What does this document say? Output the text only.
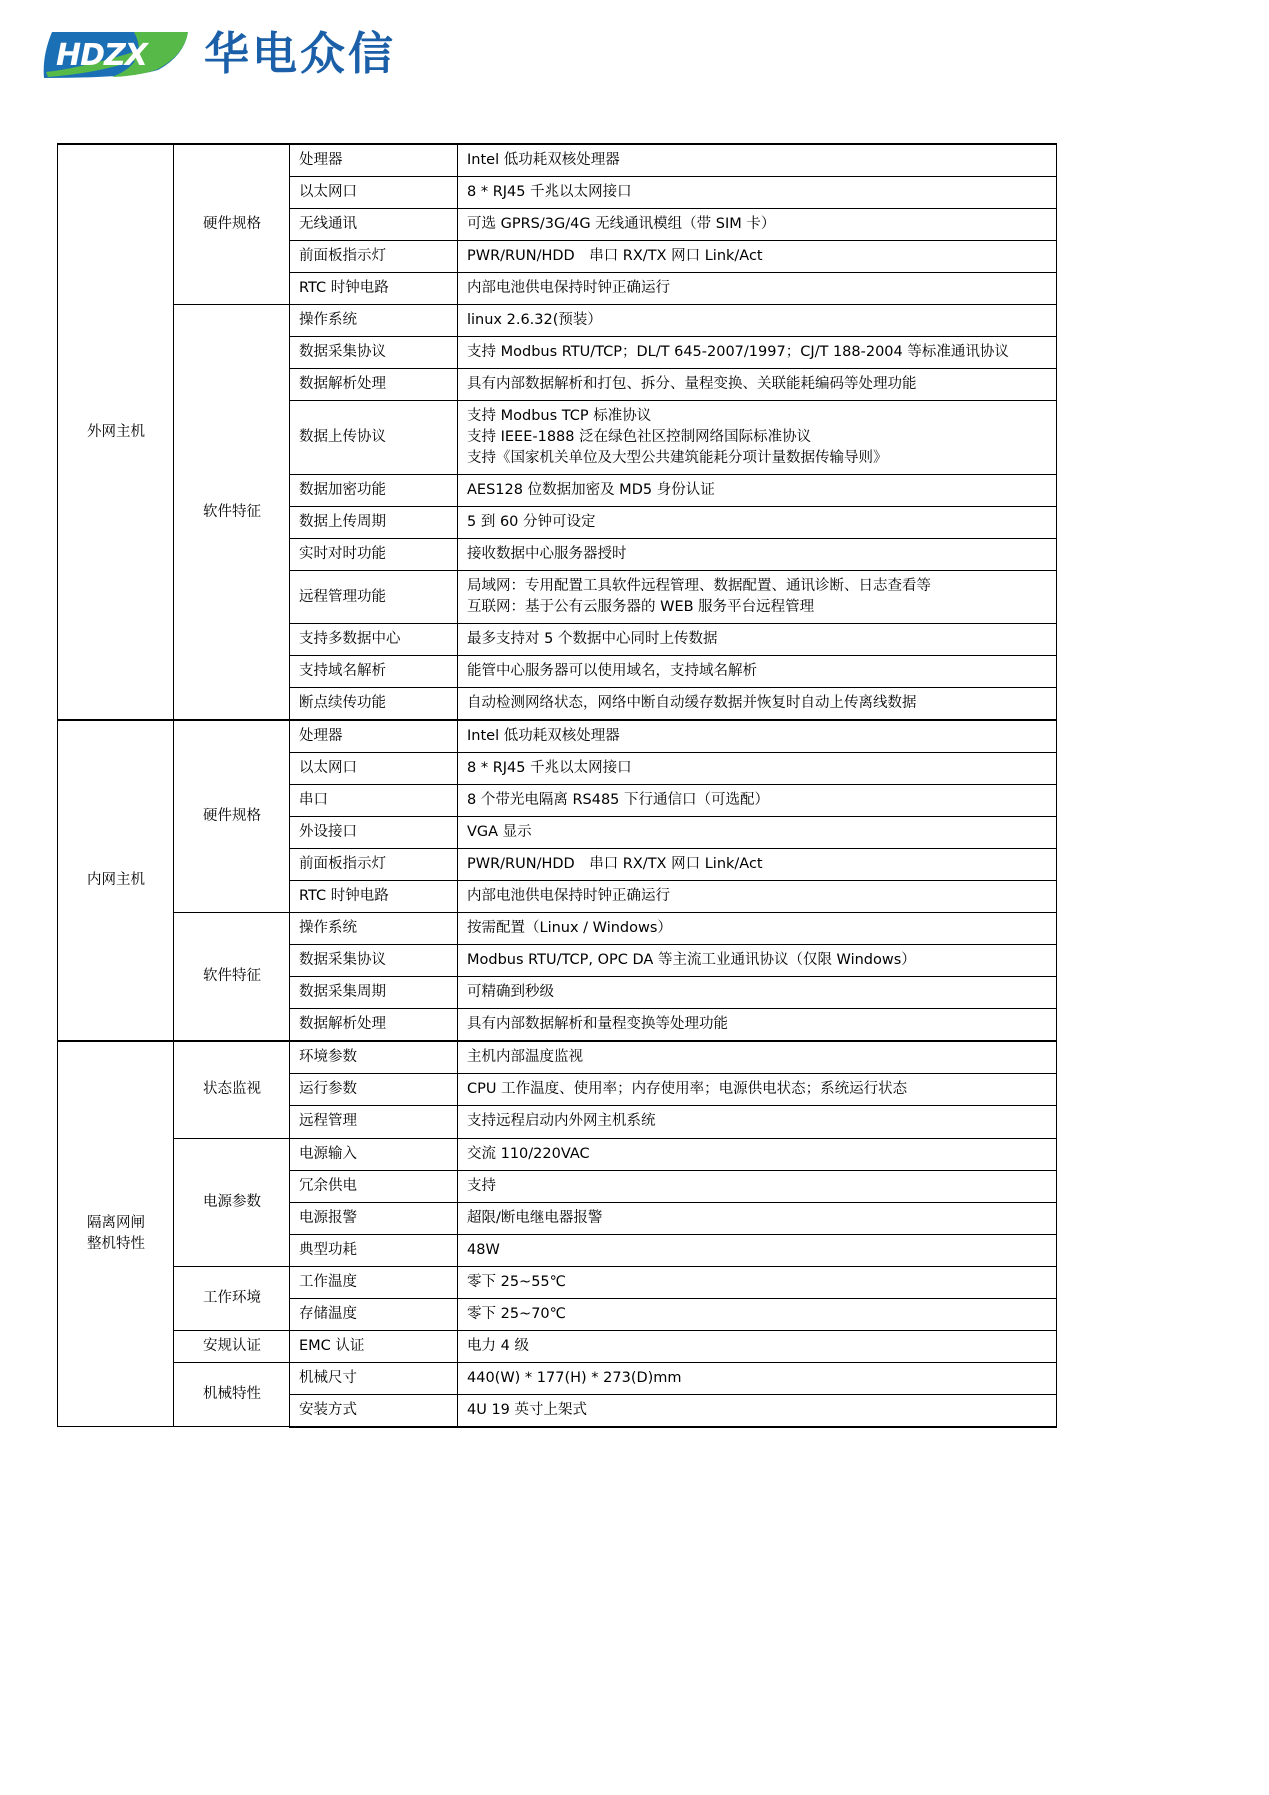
HDZX 华电众信
外网主机	硬件规格	处理器	Intel 低功耗双核处理器
		以太网口	8 * RJ45 千兆以太网接口
		无线通讯	可选 GPRS/3G/4G 无线通讯模组（带 SIM 卡）
		前面板指示灯	PWR/RUN/HDD　串口 RX/TX 网口 Link/Act
		RTC 时钟电路	内部电池供电保持时钟正确运行
	软件特征	操作系统	linux 2.6.32(预装）
		数据采集协议	支持 Modbus RTU/TCP；DL/T 645-2007/1997；CJ/T 188-2004 等标准通讯协议
		数据解析处理	具有内部数据解析和打包、拆分、量程变换、关联能耗编码等处理功能
		数据上传协议	支持 Modbus TCP 标准协议
支持 IEEE-1888 泛在绿色社区控制网络国际标准协议
支持《国家机关单位及大型公共建筑能耗分项计量数据传输导则》

		数据加密功能	AES128 位数据加密及 MD5 身份认证
		数据上传周期	5 到 60 分钟可设定
		实时对时功能	接收数据中心服务器授时
		远程管理功能	局域网：专用配置工具软件远程管理、数据配置、通讯诊断、日志查看等
互联网：基于公有云服务器的 WEB 服务平台远程管理

		支持多数据中心	最多支持对 5 个数据中心同时上传数据
		支持域名解析	能管中心服务器可以使用域名，支持域名解析
		断点续传功能	自动检测网络状态，网络中断自动缓存数据并恢复时自动上传离线数据
内网主机	硬件规格	处理器	Intel 低功耗双核处理器
		以太网口	8 * RJ45 千兆以太网接口
		串口	8 个带光电隔离 RS485 下行通信口（可选配）
		外设接口	VGA 显示
		前面板指示灯	PWR/RUN/HDD　串口 RX/TX 网口 Link/Act
		RTC 时钟电路	内部电池供电保持时钟正确运行
	软件特征	操作系统	按需配置（Linux / Windows）
		数据采集协议	Modbus RTU/TCP, OPC DA 等主流工业通讯协议（仅限 Windows）
		数据采集周期	可精确到秒级
		数据解析处理	具有内部数据解析和量程变换等处理功能

隔离网闸
整机特性	状态监视	环境参数	主机内部温度监视
		运行参数	CPU 工作温度、使用率；内存使用率；电源供电状态；系统运行状态
		远程管理	支持远程启动内外网主机系统
	电源参数	电源输入	交流 110/220VAC
		冗余供电	支持
		电源报警	超限/断电继电器报警
		典型功耗	48W
	工作环境	工作温度	零下 25~55℃
		存储温度	零下 25~70℃
	安规认证	EMC 认证	电力 4 级
	机械特性	机械尺寸	440(W) * 177(H) * 273(D)mm
		安装方式	4U 19 英寸上架式
